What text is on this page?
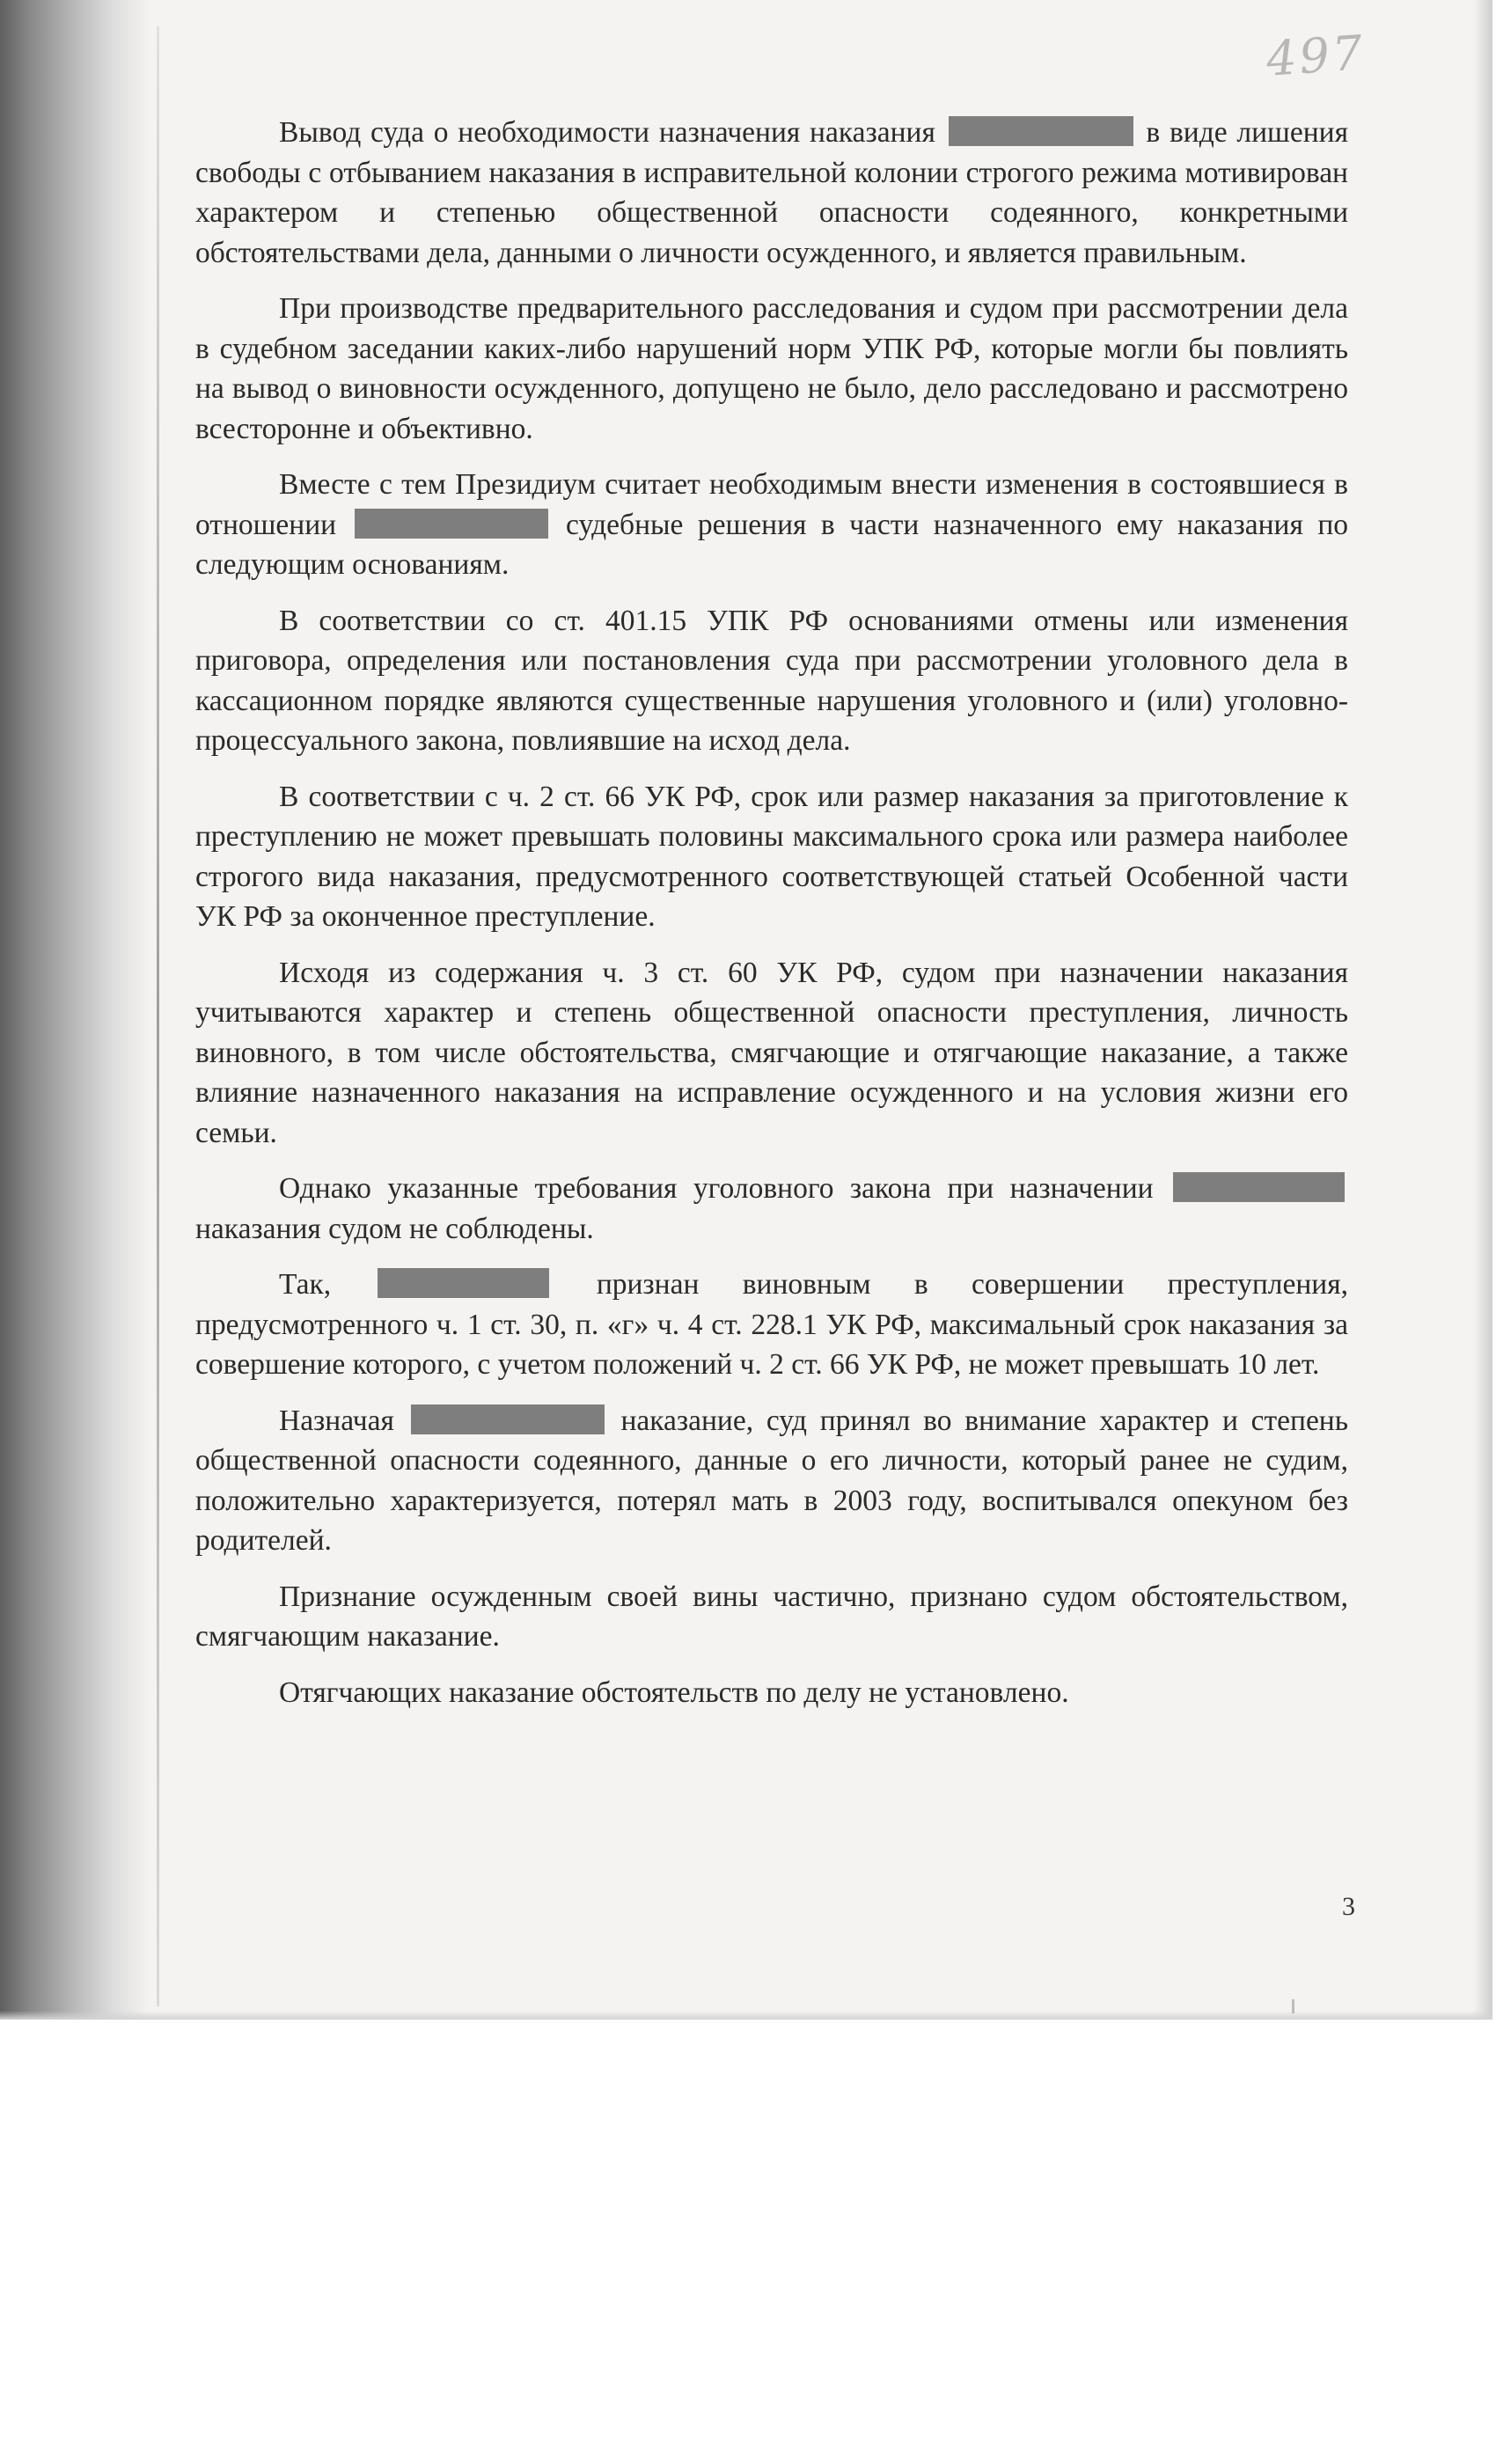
497

Вывод суда о необходимости назначения наказания	в виде лишения свободы с отбыванием наказания в исправительной колонии строгого режима мотивирован характером и степенью общественной опасности содеянного, конкретными обстоятельствами дела, данными о личности осужденного, и является правильным.

При производстве предварительного расследования и судом при рассмотрении дела в судебном заседании каких-либо нарушений норм УПК РФ, которые могли бы повлиять на вывод о виновности осужденного, допущено не было, дело расследовано и рассмотрено всесторонне и объективно.

Вместе с тем Президиум считает необходимым внести изменения в состоявшиеся в отношении	судебные решения в части назначенного ему наказания по следующим основаниям.

В соответствии со ст. 401.15 УПК РФ основаниями отмены или изменения приговора, определения или постановления суда при рассмотрении уголовного дела в кассационном порядке являются существенные нарушения уголовного и (или) уголовно-процессуального закона, повлиявшие на исход дела.

В соответствии с ч. 2 ст. 66 УК РФ, срок или размер наказания за приготовление к преступлению не может превышать половины максимального срока или размера наиболее строгого вида наказания, предусмотренного соответствующей статьей Особенной части УК РФ за оконченное преступление.

Исходя из содержания ч. 3 ст. 60 УК РФ, судом при назначении наказания учитываются характер и степень общественной опасности преступления, личность виновного, в том числе обстоятельства, смягчающие и отягчающие наказание, а также влияние назначенного наказания на исправление осужденного и на условия жизни его семьи.

Однако указанные требования уголовного закона при назначении  наказания судом не соблюдены.

Так,	признан виновным в совершении преступления, предусмотренного ч. 1 ст. 30, п. «г» ч. 4 ст. 228.1 УК РФ, максимальный срок наказания за совершение которого, с учетом положений ч. 2 ст. 66 УК РФ, не может превышать 10 лет.

Назначая	наказание, суд принял во внимание характер и степень общественной опасности содеянного, данные о его личности, который ранее не судим, положительно характеризуется, потерял мать в 2003 году, воспитывался опекуном без родителей.

Признание осужденным своей вины частично, признано судом обстоятельством, смягчающим наказание.

Отягчающих наказание обстоятельств по делу не установлено.

3
